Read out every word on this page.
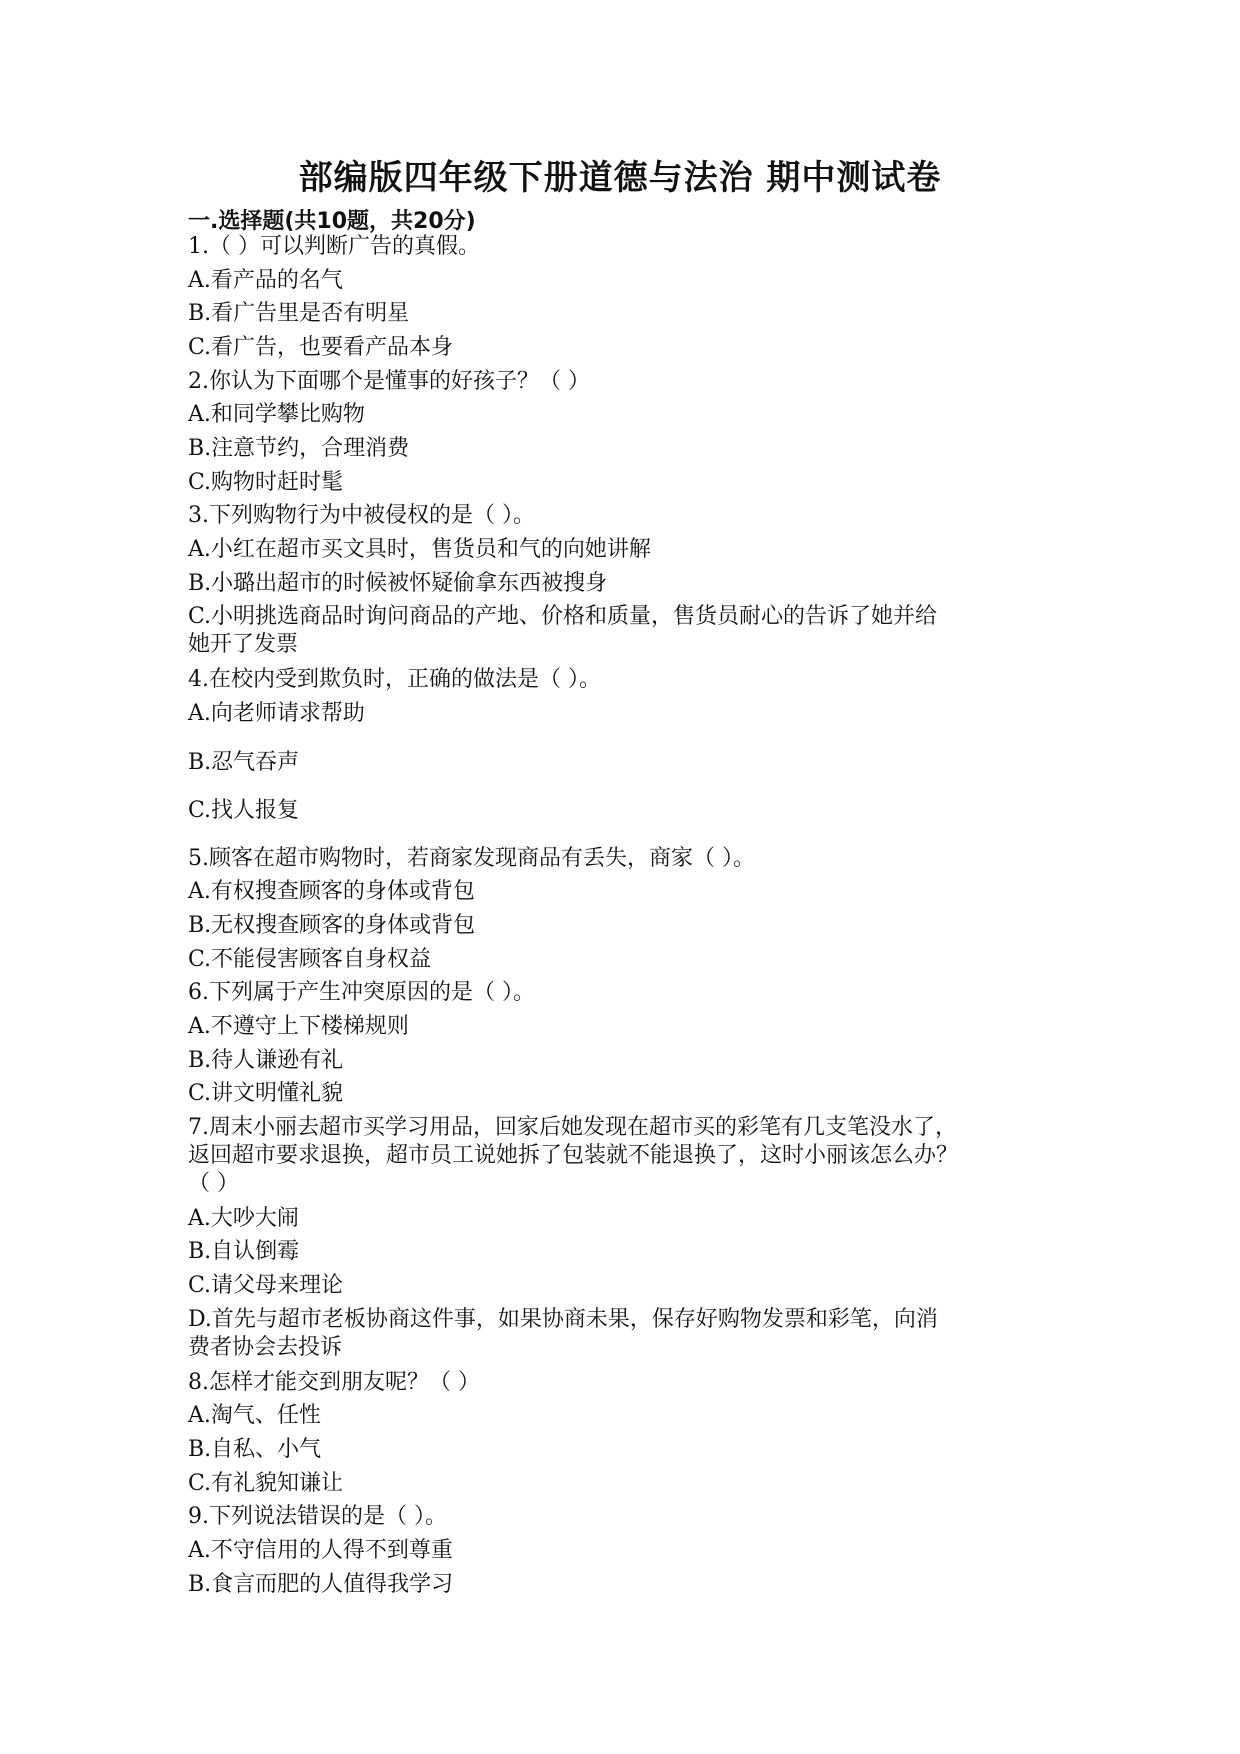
部编版四年级下册道德与法治 期中测试卷
一.选择题(共10题，共20分)
1.（ ）可以判断广告的真假。
A.看产品的名气
B.看广告里是否有明星
C.看广告，也要看产品本身
2.你认为下面哪个是懂事的好孩子？（ ）
A.和同学攀比购物
B.注意节约，合理消费
C.购物时赶时髦
3.下列购物行为中被侵权的是（ ）。
A.小红在超市买文具时，售货员和气的向她讲解
B.小璐出超市的时候被怀疑偷拿东西被搜身
C.小明挑选商品时询问商品的产地、价格和质量，售货员耐心的告诉了她并给
她开了发票
4.在校内受到欺负时，正确的做法是（ ）。
A.向老师请求帮助
B.忍气吞声
C.找人报复
5.顾客在超市购物时，若商家发现商品有丢失，商家（ ）。
A.有权搜查顾客的身体或背包
B.无权搜查顾客的身体或背包
C.不能侵害顾客自身权益
6.下列属于产生冲突原因的是（ ）。
A.不遵守上下楼梯规则
B.待人谦逊有礼
C.讲文明懂礼貌
7.周末小丽去超市买学习用品，回家后她发现在超市买的彩笔有几支笔没水了，
返回超市要求退换，超市员工说她拆了包装就不能退换了，这时小丽该怎么办？
（ ）
A.大吵大闹
B.自认倒霉
C.请父母来理论
D.首先与超市老板协商这件事，如果协商未果，保存好购物发票和彩笔，向消
费者协会去投诉
8.怎样才能交到朋友呢？（ ）
A.淘气、任性
B.自私、小气
C.有礼貌知谦让
9.下列说法错误的是（ ）。
A.不守信用的人得不到尊重
B.食言而肥的人值得我学习
